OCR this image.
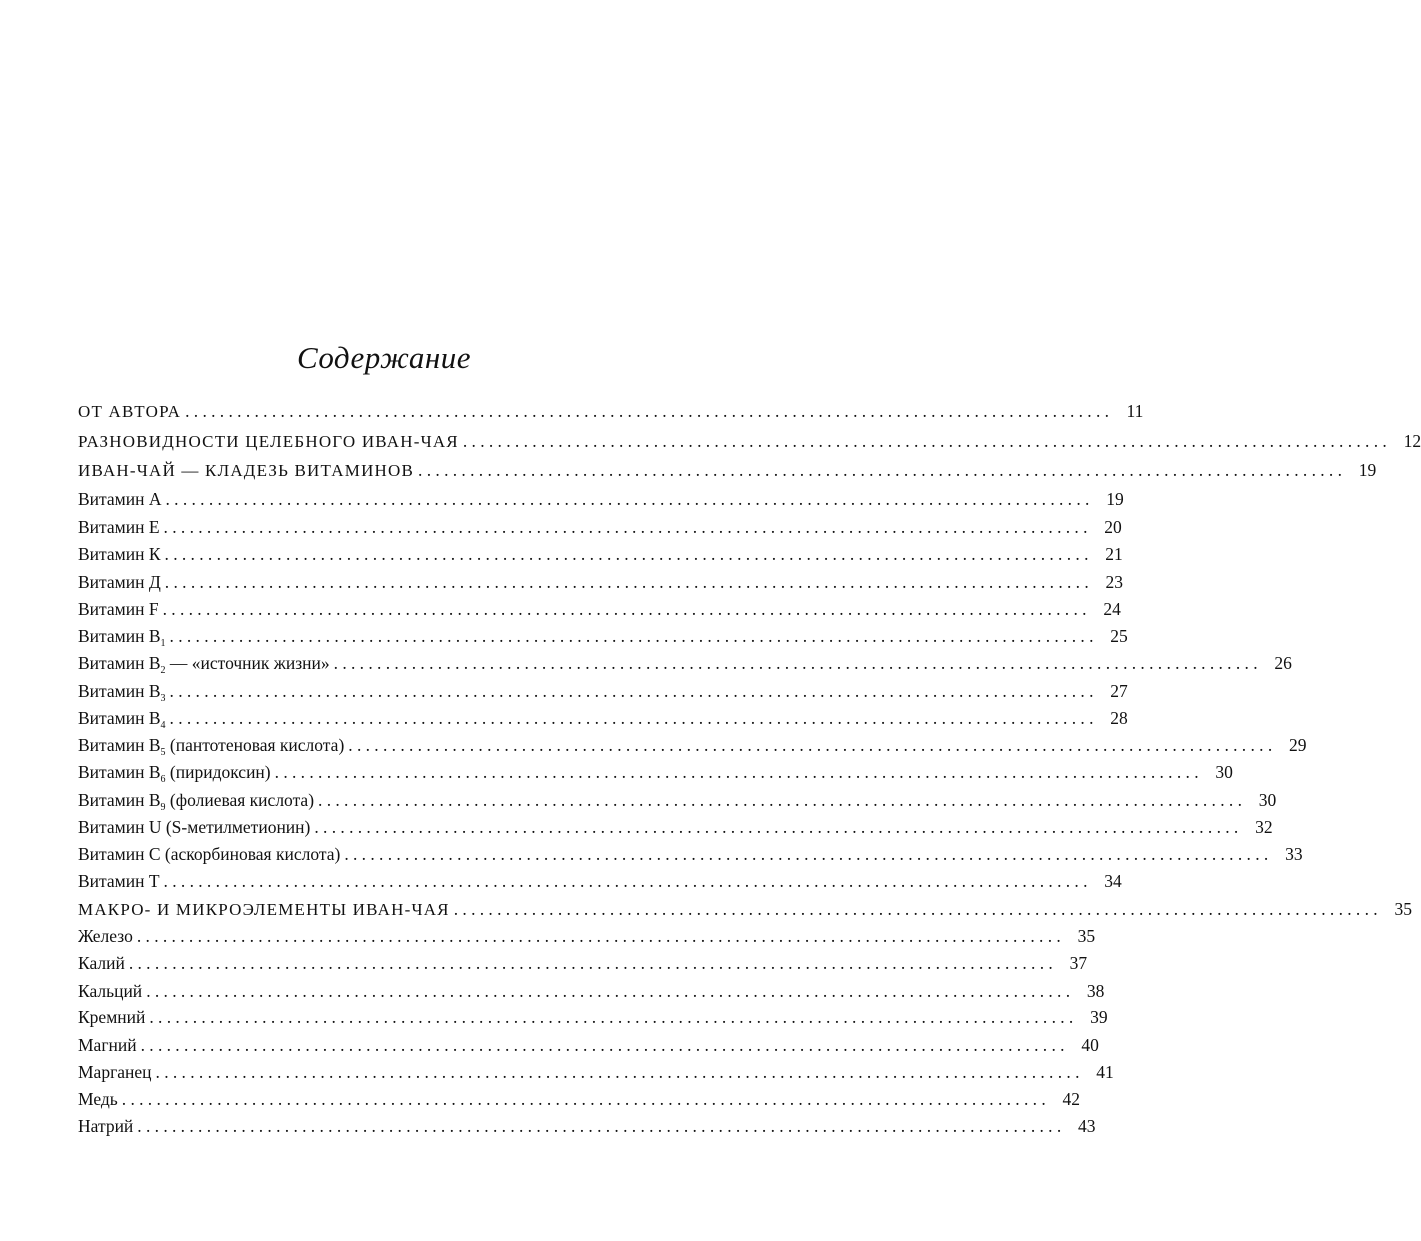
Содержание
ОТ АВТОРА ........................................................................................................... 11
РАЗНОВИДНОСТИ ЦЕЛЕБНОГО ИВАН-ЧАЯ ........................................................................................................... 12
ИВАН-ЧАЙ — КЛАДЕЗЬ ВИТАМИНОВ ........................................................................................................... 19
Витамин А ........................................................................................................... 19
Витамин Е ........................................................................................................... 20
Витамин К ........................................................................................................... 21
Витамин Д ........................................................................................................... 23
Витамин F ........................................................................................................... 24
Витамин $В_1$ ........................................................................................................... 25
Витамин $В_2$ — «источник жизни» ........................................................................................................... 26
Витамин $В_3$ ........................................................................................................... 27
Витамин $В_4$ ........................................................................................................... 28
Витамин $В_5$ (пантотеновая кислота) ........................................................................................................... 29
Витамин $В_6$ (пиридоксин) ........................................................................................................... 30
Витамин $В_9$ (фолиевая кислота) ........................................................................................................... 30
Витамин U (S-метилметионин) ........................................................................................................... 32
Витамин С (аскорбиновая кислота) ........................................................................................................... 33
Витамин Т ........................................................................................................... 34
МАКРО- И МИКРОЭЛЕМЕНТЫ ИВАН-ЧАЯ ........................................................................................................... 35
Железо ........................................................................................................... 35
Калий ........................................................................................................... 37
Кальций ........................................................................................................... 38
Кремний ........................................................................................................... 39
Магний ........................................................................................................... 40
Марганец ........................................................................................................... 41
Медь ........................................................................................................... 42
Натрий ........................................................................................................... 43
